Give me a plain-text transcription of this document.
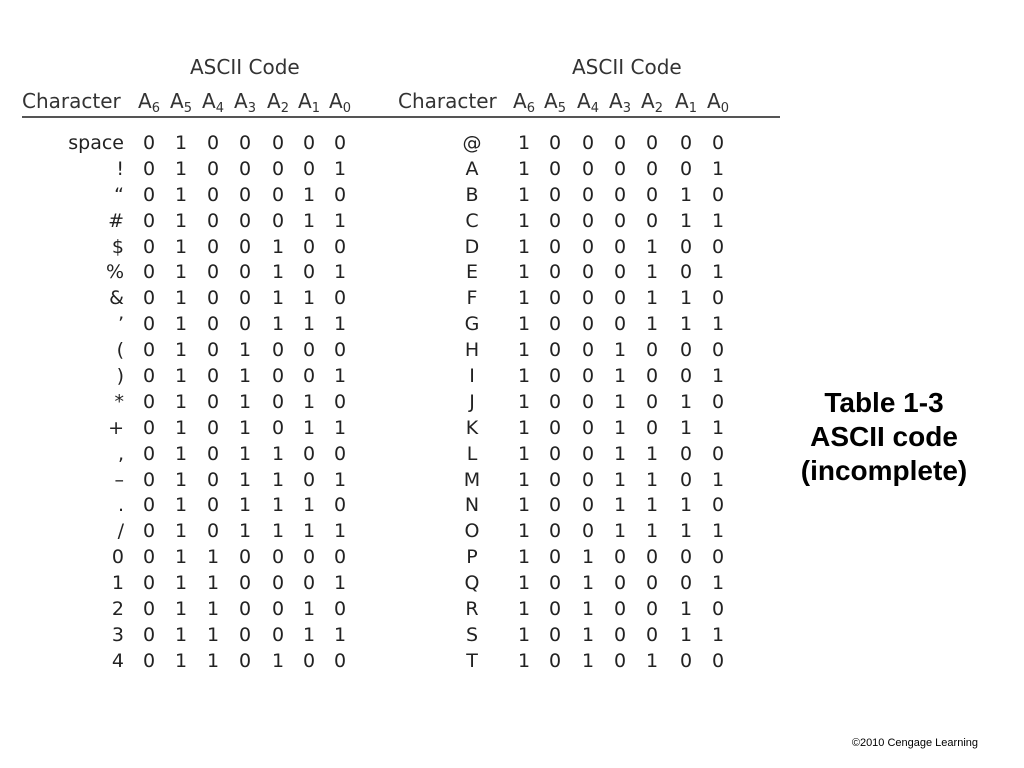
ASCII Code
Character $A_6$ $A_5$ $A_4$ $A_3$ $A_2$ $A_1$ $A_0$
space 0	1	0	0	0 0 0
! 0	1	0	0	0 0 1
“ 0	1	0	0	0 1 0
# 0	1	0	0	0 1 1
$ 0	1	0	0	1 0 0
% 0	1	0	0	1 0 1
& 0	1	0	0	1 1 0
’ 0	1	0	0	1 1 1
( 0	1	0	1	0 0 0
) 0	1	0	1	0 0 1
* 0	1	0	1	0 1 0
+ 0	1	0	1	0 1 1
, 0	1	0	1	1 0 0
– 0	1	0	1	1 0 1
. 0	1	0	1	1 1 0
/ 0	1	0	1	1 1 1
0 0	1	1	0	0 0 0
1 0	1	1	0	0 0 1
2 0	1	1	0	0 1 0
3 0	1	1	0	0 1 1
4 0	1	1	0	1 0 0
ASCII Code
Character $A_6$ $A_5$ $A_4$ $A_3$ $A_2$ $A_1$ $A_0$
@	1 0	0	0	0	0	0
A	1 0	0	0	0	0	1
B	1 0	0	0	0	1	0
C	1 0	0	0	0	1	1
D	1 0	0	0	1	0	0
E	1 0	0	0	1	0	1
F	1 0	0	0	1	1	0
G	1 0	0	0	1	1	1
H	1 0	0	1	0	0	0
I	1 0	0	1	0	0	1
J	1 0	0	1	0	1	0
K	1 0	0	1	0	1	1
L	1 0	0	1	1	0	0
M	1 0	0	1	1	0	1
N	1 0	0	1	1	1	0
O	1 0	0	1	1	1	1
P	1 0	1	0	0	0	0
Q	1 0	1	0	0	0	1
R	1 0	1	0	0	1	0
S	1 0	1	0	0	1	1
T	1 0	1	0	1	0	0
Table 1-3
ASCII code
(incomplete)
©2010 Cengage Learning
